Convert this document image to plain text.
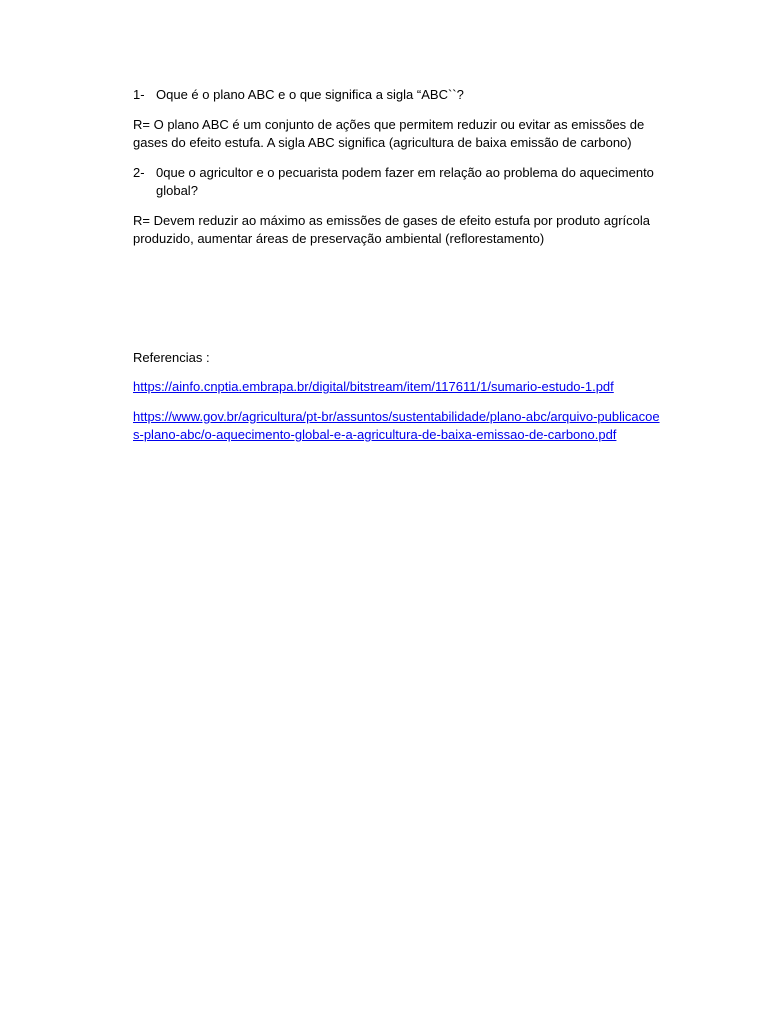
1- Oque é o plano ABC e o que significa a sigla “ABC``?

R= O plano ABC é um conjunto de ações que permitem reduzir ou evitar as emissões de gases do efeito estufa. A sigla ABC significa (agricultura de baixa emissão de carbono)

2- 0que o agricultor e o pecuarista podem fazer em relação ao problema do aquecimento global?

R= Devem reduzir ao máximo as emissões de gases de efeito estufa por produto agrícola produzido, aumentar áreas de preservação ambiental (reflorestamento)

Referencias :

https://ainfo.cnptia.embrapa.br/digital/bitstream/item/117611/1/sumario-estudo-1.pdf

https://www.gov.br/agricultura/pt-br/assuntos/sustentabilidade/plano-abc/arquivo-publicacoes-plano-abc/o-aquecimento-global-e-a-agricultura-de-baixa-emissao-de-carbono.pdf
